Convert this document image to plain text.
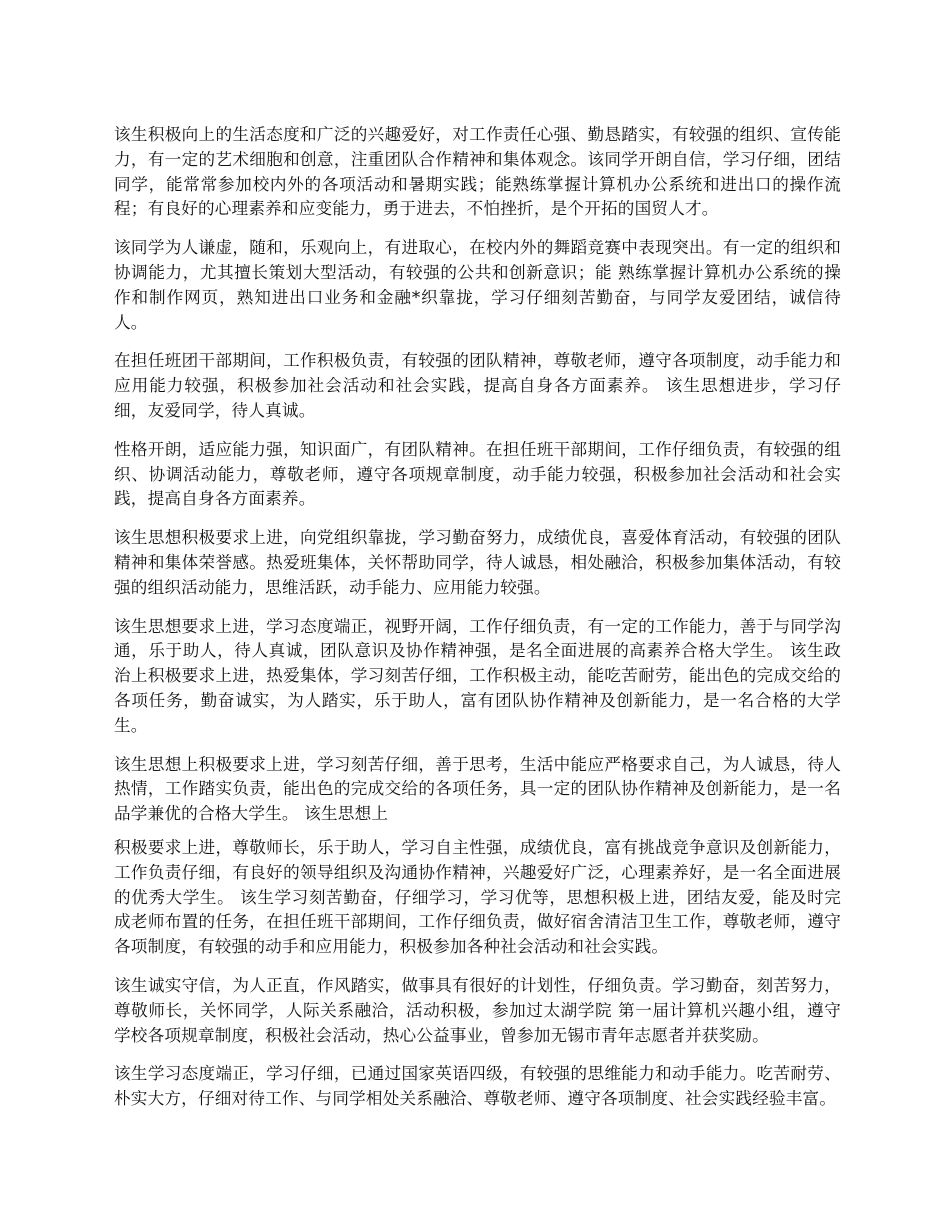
该生积极向上的生活态度和广泛的兴趣爱好，对工作责任心强、勤恳踏实，有较强的组织、宣传能力，有一定的艺术细胞和创意，注重团队合作精神和集体观念。该同学开朗自信，学习仔细，团结同学，能常常参加校内外的各项活动和暑期实践；能熟练掌握计算机办公系统和进出口的操作流程；有良好的心理素养和应变能力，勇于进去，不怕挫折，是个开拓的国贸人才。

该同学为人谦虚，随和，乐观向上，有进取心，在校内外的舞蹈竞赛中表现突出。有一定的组织和协调能力，尤其擅长策划大型活动，有较强的公共和创新意识；能 熟练掌握计算机办公系统的操作和制作网页，熟知进出口业务和金融*织靠拢，学习仔细刻苦勤奋，与同学友爱团结，诚信待人。

在担任班团干部期间，工作积极负责，有较强的团队精神，尊敬老师，遵守各项制度，动手能力和应用能力较强，积极参加社会活动和社会实践，提高自身各方面素养。 该生思想进步，学习仔细，友爱同学，待人真诚。

性格开朗，适应能力强，知识面广，有团队精神。在担任班干部期间，工作仔细负责，有较强的组织、协调活动能力，尊敬老师，遵守各项规章制度，动手能力较强，积极参加社会活动和社会实践，提高自身各方面素养。

该生思想积极要求上进，向党组织靠拢，学习勤奋努力，成绩优良，喜爱体育活动，有较强的团队精神和集体荣誉感。热爱班集体，关怀帮助同学，待人诚恳，相处融洽，积极参加集体活动，有较强的组织活动能力，思维活跃，动手能力、应用能力较强。

该生思想要求上进，学习态度端正，视野开阔，工作仔细负责，有一定的工作能力，善于与同学沟通，乐于助人，待人真诚，团队意识及协作精神强，是名全面进展的高素养合格大学生。 该生政治上积极要求上进，热爱集体，学习刻苦仔细，工作积极主动，能吃苦耐劳，能出色的完成交给的各项任务，勤奋诚实，为人踏实，乐于助人，富有团队协作精神及创新能力，是一名合格的大学生。

该生思想上积极要求上进，学习刻苦仔细，善于思考，生活中能应严格要求自己，为人诚恳，待人热情，工作踏实负责，能出色的完成交给的各项任务，具一定的团队协作精神及创新能力，是一名品学兼优的合格大学生。 该生思想上

积极要求上进，尊敬师长，乐于助人，学习自主性强，成绩优良，富有挑战竞争意识及创新能力，工作负责仔细，有良好的领导组织及沟通协作精神，兴趣爱好广泛，心理素养好，是一名全面进展的优秀大学生。 该生学习刻苦勤奋，仔细学习，学习优等，思想积极上进，团结友爱，能及时完成老师布置的任务，在担任班干部期间，工作仔细负责，做好宿舍清洁卫生工作，尊敬老师，遵守各项制度，有较强的动手和应用能力，积极参加各种社会活动和社会实践。

该生诚实守信，为人正直，作风踏实，做事具有很好的计划性，仔细负责。学习勤奋，刻苦努力，尊敬师长，关怀同学，人际关系融洽，活动积极，参加过太湖学院 第一届计算机兴趣小组，遵守学校各项规章制度，积极社会活动，热心公益事业，曾参加无锡市青年志愿者并获奖励。

该生学习态度端正，学习仔细，已通过国家英语四级，有较强的思维能力和动手能力。吃苦耐劳、朴实大方，仔细对待工作、与同学相处关系融洽、尊敬老师、遵守各项制度、社会实践经验丰富。
